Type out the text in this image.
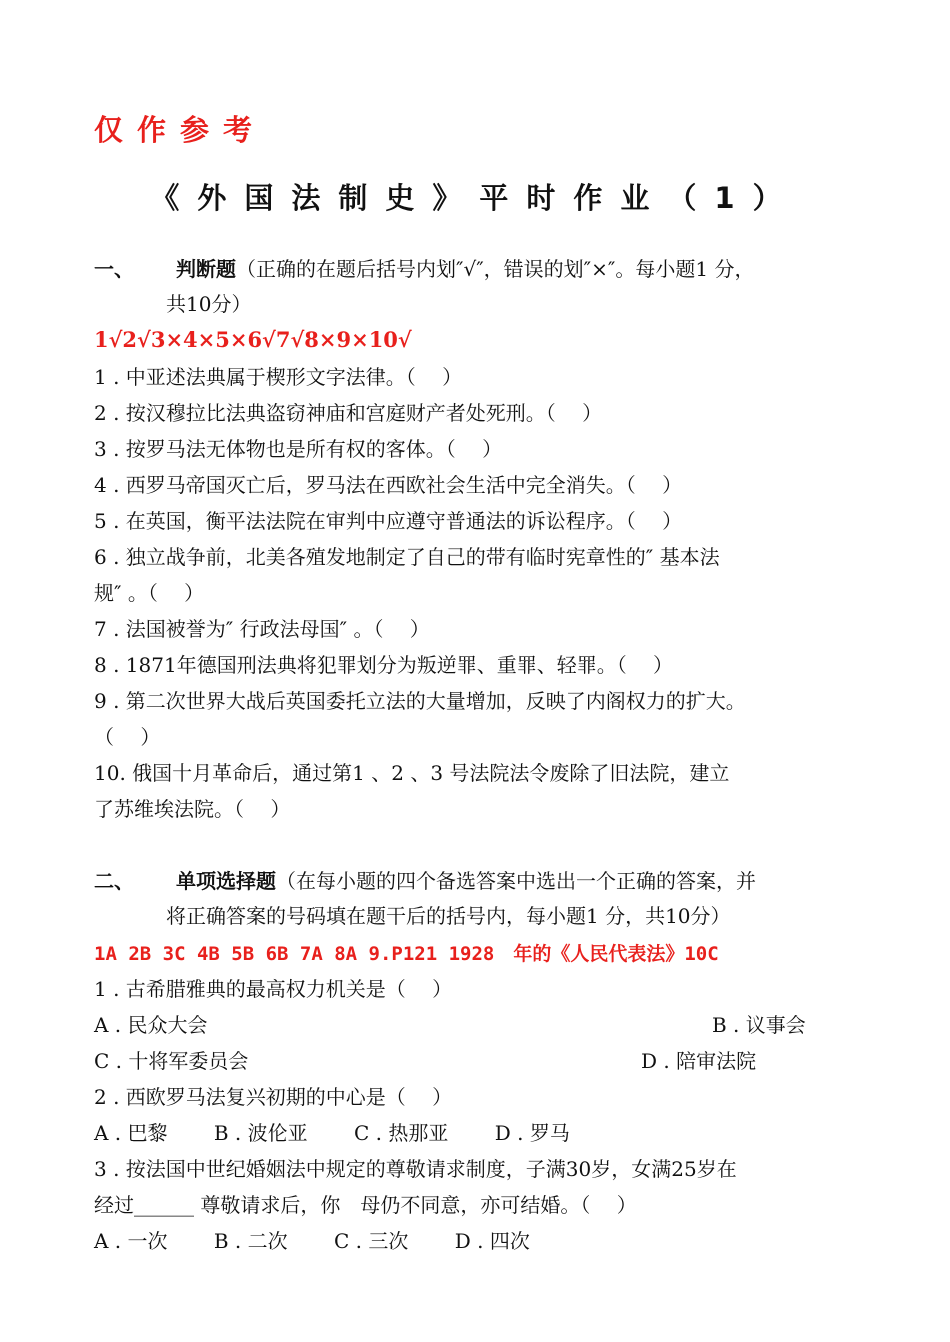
仅作参考
《外国法制史》平时作业（1）
一、 判断题（正确的在题后括号内划″√″，错误的划″×″。每小题1 分，
共10分）
1√2√3×4×5×6√7√8×9×10√
1 . 中亚述法典属于楔形文字法律。（　 ）
2 . 按汉穆拉比法典盗窃神庙和宫庭财产者处死刑。（　 ）
3 . 按罗马法无体物也是所有权的客体。（　 ）
4 . 西罗马帝国灭亡后，罗马法在西欧社会生活中完全消失。（　 ）
5 . 在英国，衡平法法院在审判中应遵守普通法的诉讼程序。（　 ）
6 . 独立战争前，北美各殖发地制定了自己的带有临时宪章性的″ 基本法
规″ 。（　 ）
7 . 法国被誉为″ 行政法母国″ 。（　 ）
8 . 1871年德国刑法典将犯罪划分为叛逆罪、重罪、轻罪。（　 ）
9 . 第二次世界大战后英国委托立法的大量增加，反映了内阁权力的扩大。
（　 ）
10. 俄国十月革命后，通过第1 、2 、3 号法院法令废除了旧法院，建立
了苏维埃法院。（　 ）
二、 单项选择题（在每小题的四个备选答案中选出一个正确的答案，并
将正确答案的号码填在题干后的括号内，每小题1 分，共10分）
1A 2B 3C 4B 5B 6B 7A 8A 9.P121 1928　年的《人民代表法》10C
1 . 古希腊雅典的最高权力机关是（　 ）
A . 民众大会	B . 议事会
C . 十将军委员会	D . 陪审法院
2 . 西欧罗马法复兴初期的中心是（　 ）
A . 巴黎　　 B . 波伦亚　　 C . 热那亚　　 D . 罗马
3 . 按法国中世纪婚姻法中规定的尊敬请求制度，子满30岁，女满25岁在
经过______ 尊敬请求后，你　母仍不同意，亦可结婚。（　 ）
A . 一次　　 B . 二次　　 C . 三次　　 D . 四次
